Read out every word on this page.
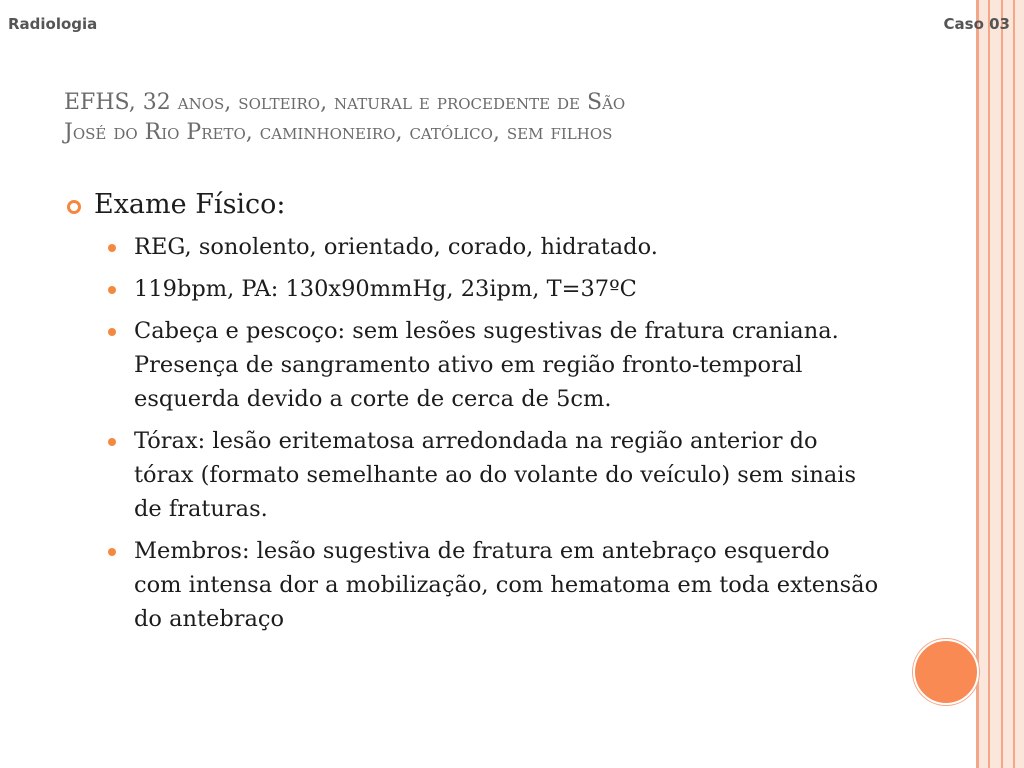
Radiologia	Caso 03
EFHS, 32 anos, solteiro, natural e procedente de São
José do Rio Preto, caminhoneiro, católico, sem filhos
Exame Físico:
REG, sonolento, orientado, corado, hidratado.
119bpm, PA: 130x90mmHg, 23ipm, T=37ºC
Cabeça e pescoço: sem lesões sugestivas de fratura craniana. Presença de sangramento ativo em região fronto-temporal esquerda devido a corte de cerca de 5cm.
Tórax: lesão eritematosa arredondada na região anterior do tórax (formato semelhante ao do volante do veículo) sem sinais de fraturas.
Membros: lesão sugestiva de fratura em antebraço esquerdo com intensa dor a mobilização, com hematoma em toda extensão do antebraço
